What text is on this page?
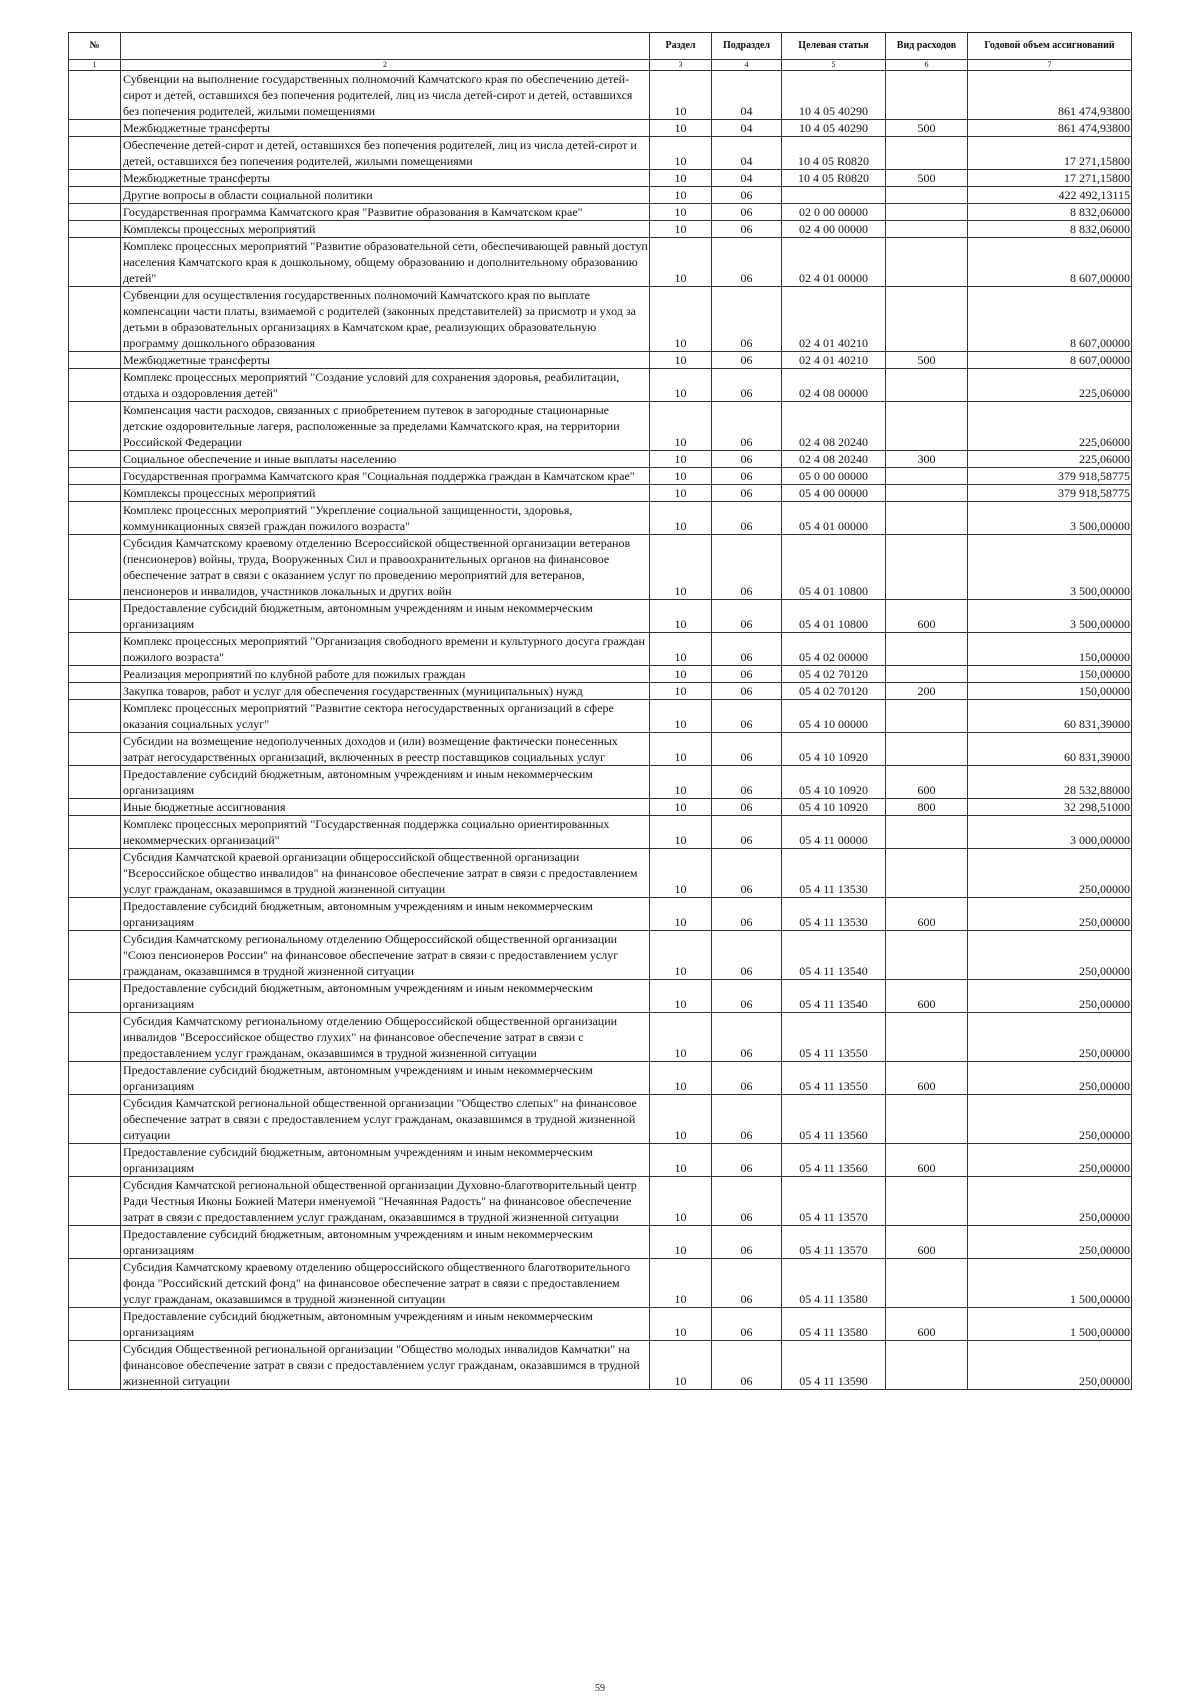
№		Раздел	Подраздел	Целевая статья	Вид расходов	Годовой объем ассигнований
1	2	3	4	5	6	7
	Субвенции на выполнение государственных полномочий Камчатского края по обеспечению детей-сирот и детей, оставшихся без попечения родителей, лиц из числа детей-сирот и детей, оставшихся без попечения родителей, жилыми помещениями	10	04	10 4 05 40290		861 474,93800
	Межбюджетные трансферты	10	04	10 4 05 40290	500	861 474,93800
	Обеспечение детей-сирот и детей, оставшихся без попечения родителей, лиц из числа детей-сирот и детей, оставшихся без попечения родителей, жилыми помещениями	10	04	10 4 05 R0820		17 271,15800
	Межбюджетные трансферты	10	04	10 4 05 R0820	500	17 271,15800
	Другие вопросы в области социальной политики	10	06			422 492,13115
	Государственная программа Камчатского края "Развитие образования в Камчатском крае"	10	06	02 0 00 00000		8 832,06000
	Комплексы процессных мероприятий	10	06	02 4 00 00000		8 832,06000
	Комплекс процессных мероприятий "Развитие образовательной сети, обеспечивающей равный доступ населения Камчатского края к дошкольному, общему образованию и дополнительному образованию детей"	10	06	02 4 01 00000		8 607,00000
	Субвенции для осуществления государственных полномочий Камчатского края по выплате компенсации части платы, взимаемой с родителей (законных представителей) за присмотр и уход за детьми в образовательных организациях в Камчатском крае, реализующих образовательную программу дошкольного образования	10	06	02 4 01 40210		8 607,00000
	Межбюджетные трансферты	10	06	02 4 01 40210	500	8 607,00000
	Комплекс процессных мероприятий "Создание условий для сохранения здоровья, реабилитации, отдыха и оздоровления детей"	10	06	02 4 08 00000		225,06000
	Компенсация части расходов, связанных с приобретением путевок в загородные стационарные детские оздоровительные лагеря, расположенные за пределами Камчатского края, на территории Российской Федерации	10	06	02 4 08 20240		225,06000
	Социальное обеспечение и иные выплаты населению	10	06	02 4 08 20240	300	225,06000
	Государственная программа Камчатского края "Социальная поддержка граждан в Камчатском крае"	10	06	05 0 00 00000		379 918,58775
	Комплексы процессных мероприятий	10	06	05 4 00 00000		379 918,58775
	Комплекс процессных мероприятий "Укрепление социальной защищенности, здоровья, коммуникационных связей граждан пожилого возраста"	10	06	05 4 01 00000		3 500,00000
	Субсидия Камчатскому краевому отделению Всероссийской общественной организации ветеранов (пенсионеров) войны, труда, Вооруженных Сил и правоохранительных органов на финансовое обеспечение затрат в связи с оказанием услуг по проведению мероприятий для ветеранов, пенсионеров и инвалидов, участников локальных и других войн	10	06	05 4 01 10800		3 500,00000
	Предоставление субсидий бюджетным, автономным учреждениям и иным некоммерческим организациям	10	06	05 4 01 10800	600	3 500,00000
	Комплекс процессных мероприятий "Организация свободного времени и культурного досуга граждан пожилого возраста"	10	06	05 4 02 00000		150,00000
	Реализация мероприятий по клубной работе для пожилых граждан	10	06	05 4 02 70120		150,00000
	Закупка товаров, работ и услуг для обеспечения государственных (муниципальных) нужд	10	06	05 4 02 70120	200	150,00000
	Комплекс процессных мероприятий "Развитие сектора негосударственных организаций в сфере оказания социальных услуг"	10	06	05 4 10 00000		60 831,39000
	Субсидии на возмещение недополученных доходов и (или) возмещение фактически понесенных затрат негосударственных организаций, включенных в реестр поставщиков социальных услуг	10	06	05 4 10 10920		60 831,39000
	Предоставление субсидий бюджетным, автономным учреждениям и иным некоммерческим организациям	10	06	05 4 10 10920	600	28 532,88000
	Иные бюджетные ассигнования	10	06	05 4 10 10920	800	32 298,51000
	Комплекс процессных мероприятий "Государственная поддержка социально ориентированных некоммерческих организаций"	10	06	05 4 11 00000		3 000,00000
	Субсидия Камчатской краевой организации общероссийской общественной организации "Всероссийское общество инвалидов" на финансовое обеспечение затрат в связи с предоставлением услуг гражданам, оказавшимся в трудной жизненной ситуации	10	06	05 4 11 13530		250,00000
	Предоставление субсидий бюджетным, автономным учреждениям и иным некоммерческим организациям	10	06	05 4 11 13530	600	250,00000
	Субсидия Камчатскому региональному отделению Общероссийской общественной организации "Союз пенсионеров России" на финансовое обеспечение затрат в связи с предоставлением услуг гражданам, оказавшимся в трудной жизненной ситуации	10	06	05 4 11 13540		250,00000
	Предоставление субсидий бюджетным, автономным учреждениям и иным некоммерческим организациям	10	06	05 4 11 13540	600	250,00000
	Субсидия Камчатскому региональному отделению Общероссийской общественной организации инвалидов "Всероссийское общество глухих" на финансовое обеспечение затрат в связи с предоставлением услуг гражданам, оказавшимся в трудной жизненной ситуации	10	06	05 4 11 13550		250,00000
	Предоставление субсидий бюджетным, автономным учреждениям и иным некоммерческим организациям	10	06	05 4 11 13550	600	250,00000
	Субсидия Камчатской региональной общественной организации "Общество слепых" на финансовое обеспечение затрат в связи с предоставлением услуг гражданам, оказавшимся в трудной жизненной ситуации	10	06	05 4 11 13560		250,00000
	Предоставление субсидий бюджетным, автономным учреждениям и иным некоммерческим организациям	10	06	05 4 11 13560	600	250,00000
	Субсидия Камчатской региональной общественной организации Духовно-благотворительный центр Ради Честныя Иконы Божией Матери именуемой "Нечаянная Радость" на финансовое обеспечение затрат в связи с предоставлением услуг гражданам, оказавшимся в трудной жизненной ситуации	10	06	05 4 11 13570		250,00000
	Предоставление субсидий бюджетным, автономным учреждениям и иным некоммерческим организациям	10	06	05 4 11 13570	600	250,00000
	Субсидия Камчатскому краевому отделению общероссийского общественного благотворительного фонда "Российский детский фонд" на финансовое обеспечение затрат в связи с предоставлением услуг гражданам, оказавшимся в трудной жизненной ситуации	10	06	05 4 11 13580		1 500,00000
	Предоставление субсидий бюджетным, автономным учреждениям и иным некоммерческим организациям	10	06	05 4 11 13580	600	1 500,00000
	Субсидия Общественной региональной организации "Общество молодых инвалидов Камчатки" на финансовое обеспечение затрат в связи с предоставлением услуг гражданам, оказавшимся в трудной жизненной ситуации	10	06	05 4 11 13590		250,00000
59
